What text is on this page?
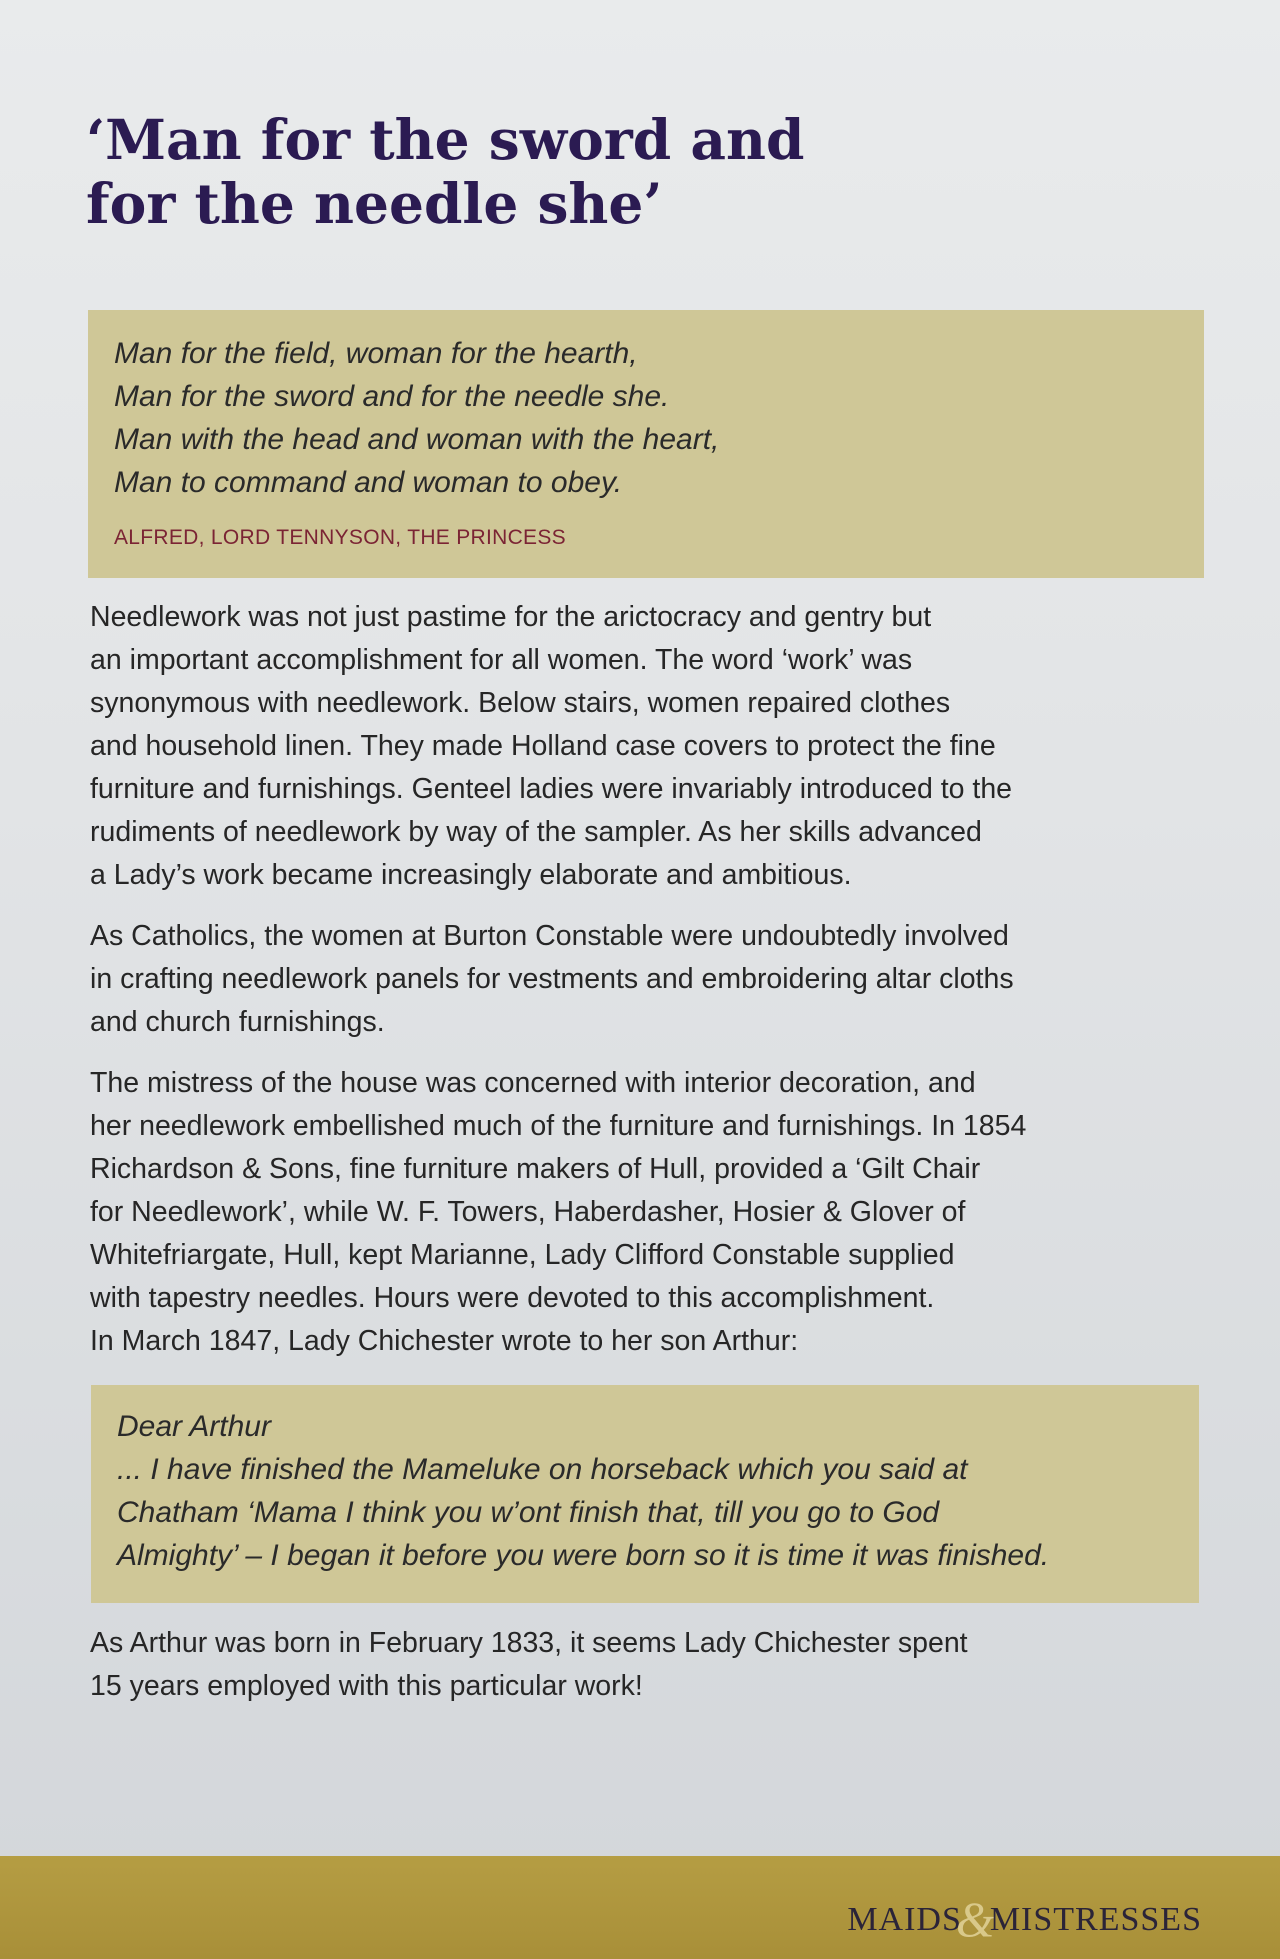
‘Man for the sword and
for the needle she’
Man for the field, woman for the hearth,
Man for the sword and for the needle she.
Man with the head and woman with the heart,
Man to command and woman to obey.
ALFRED, LORD TENNYSON, THE PRINCESS

Needlework was not just pastime for the arictocracy and gentry but
an important accomplishment for all women. The word ‘work’ was
synonymous with needlework. Below stairs, women repaired clothes
and household linen. They made Holland case covers to protect the fine
furniture and furnishings. Genteel ladies were invariably introduced to the
rudiments of needlework by way of the sampler. As her skills advanced
a Lady’s work became increasingly elaborate and ambitious.

As Catholics, the women at Burton Constable were undoubtedly involved
in crafting needlework panels for vestments and embroidering altar cloths
and church furnishings.

The mistress of the house was concerned with interior decoration, and
her needlework embellished much of the furniture and furnishings. In 1854
Richardson & Sons, fine furniture makers of Hull, provided a ‘Gilt Chair
for Needlework’, while W. F. Towers, Haberdasher, Hosier & Glover of
Whitefriargate, Hull, kept Marianne, Lady Clifford Constable supplied
with tapestry needles. Hours were devoted to this accomplishment.
In March 1847, Lady Chichester wrote to her son Arthur:

Dear Arthur
... I have finished the Mameluke on horseback which you said at
Chatham ‘Mama I think you w’ont finish that, till you go to God
Almighty’ – I began it before you were born so it is time it was finished.

As Arthur was born in February 1833, it seems Lady Chichester spent
15 years employed with this particular work!

MAIDS&MISTRESSES
